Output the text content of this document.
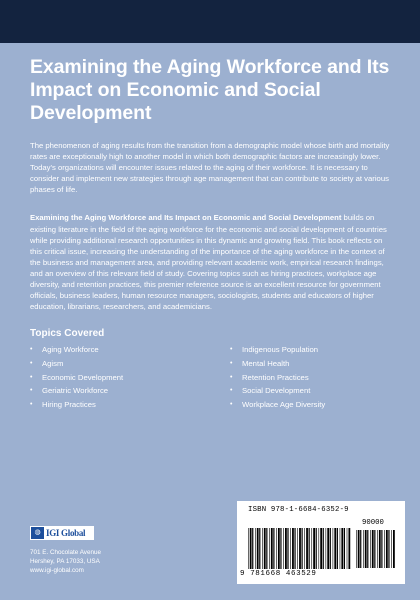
Examining the Aging Workforce and Its Impact on Economic and Social Development

The phenomenon of aging results from the transition from a demographic model whose birth and mortality rates are exceptionally high to another model in which both demographic factors are increasingly lower. Today's organizations will encounter issues related to the aging of their workforce. It is necessary to consider and implement new strategies through age management that can contribute to society at various phases of life.

Examining the Aging Workforce and Its Impact on Economic and Social Development builds on existing literature in the field of the aging workforce for the economic and social development of countries while providing additional research opportunities in this dynamic and growing field. This book reflects on this critical issue, increasing the understanding of the importance of the aging workforce in the context of the business and management area, and providing relevant academic work, empirical research findings, and an overview of this relevant field of study. Covering topics such as hiring practices, workplace age diversity, and retention practices, this premier reference source is an excellent resource for government officials, business leaders, human resource managers, sociologists, students and educators of higher education, librarians, researchers, and academicians.

Topics Covered
• Aging Workforce
• Agism
• Economic Development
• Geriatric Workforce
• Hiring Practices
• Indigenous Population
• Mental Health
• Retention Practices
• Social Development
• Workplace Age Diversity
◍ IGI Global
701 E. Chocolate Avenue
Hershey, PA 17033, USA
www.igi-global.com
ISBN 978-1-6684-6352-9
90000
9 781668 463529
